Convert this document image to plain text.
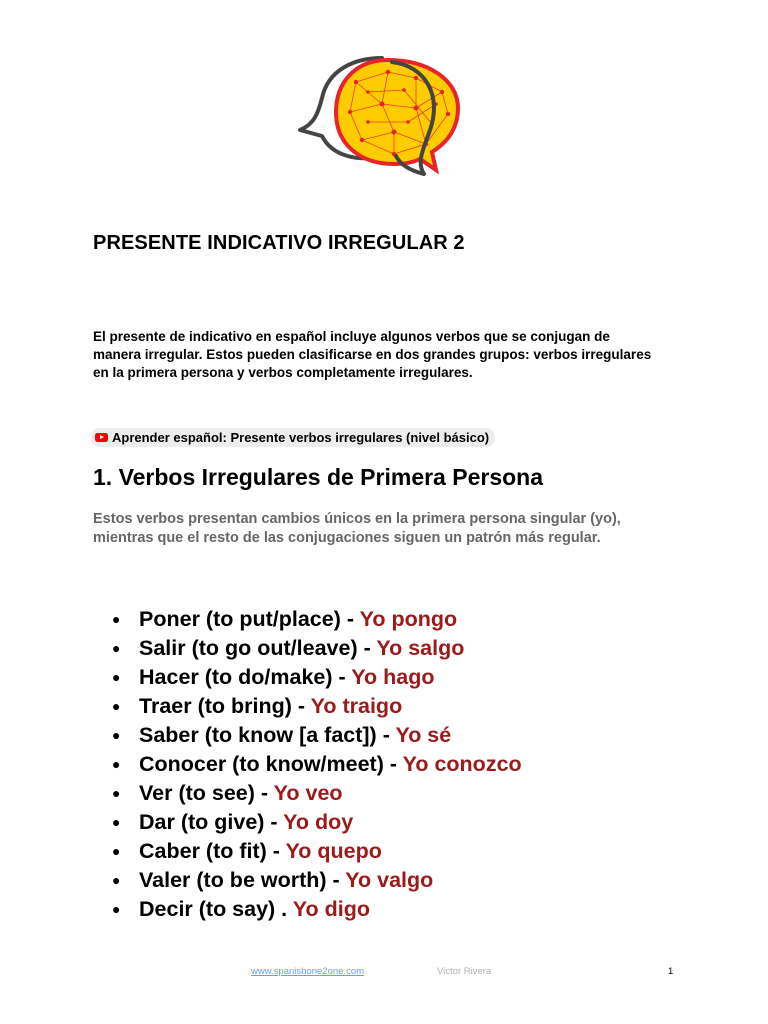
PRESENTE INDICATIVO IRREGULAR 2

El presente de indicativo en español incluye algunos verbos que se conjugan de manera irregular. Estos pueden clasificarse en dos grandes grupos: verbos irregulares en la primera persona y verbos completamente irregulares.

Aprender español: Presente verbos irregulares (nivel básico)
1. Verbos Irregulares de Primera Persona

Estos verbos presentan cambios únicos en la primera persona singular (yo), mientras que el resto de las conjugaciones siguen un patrón más regular.

● Poner (to put/place) - Yo pongo
● Salir (to go out/leave) - Yo salgo
● Hacer (to do/make) - Yo hago
● Traer (to bring) - Yo traigo
● Saber (to know [a fact]) - Yo sé
● Conocer (to know/meet) - Yo conozco
● Ver (to see) - Yo veo
● Dar (to give) - Yo doy
● Caber (to fit) - Yo quepo
● Valer (to be worth) - Yo valgo
● Decir (to say) . Yo digo
www.spanishone2one.com	Victor Rivera	1
